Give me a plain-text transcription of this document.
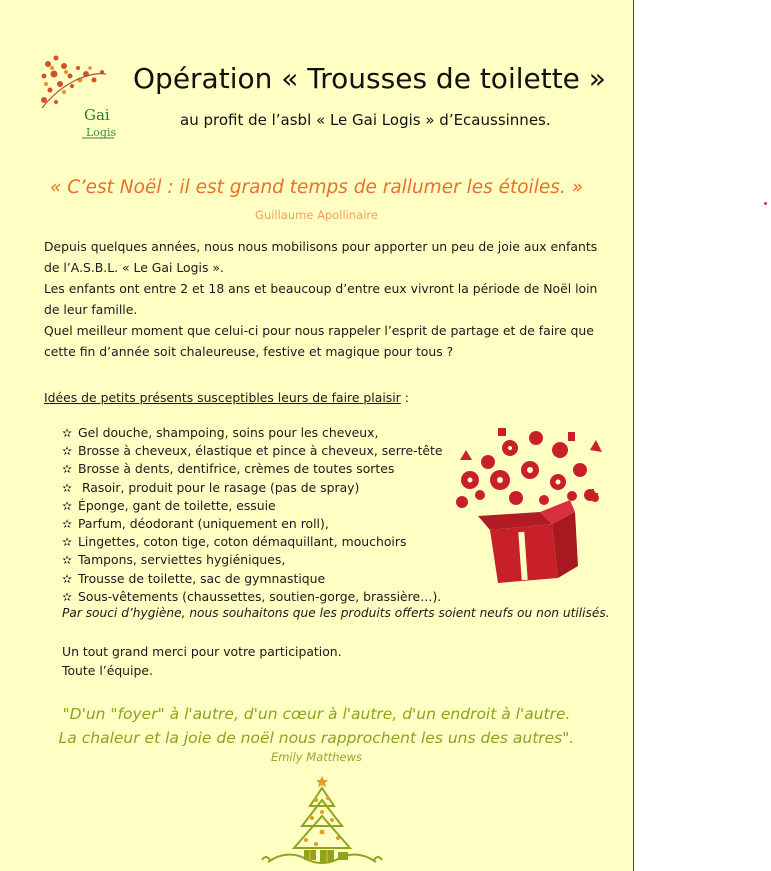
Gai
Logis
Opération « Trousses de toilette »
au profit de l’asbl « Le Gai Logis » d’Ecaussinnes.
« C’est Noël : il est grand temps de rallumer les étoiles. »
Guillaume Apollinaire

Depuis quelques années, nous nous mobilisons pour apporter un peu de joie aux enfants de l’A.S.B.L. « Le Gai Logis ».

Les enfants ont entre 2 et 18 ans et beaucoup d’entre eux vivront la période de Noël loin de leur famille.

Quel meilleur moment que celui-ci pour nous rappeler l’esprit de partage et de faire que cette fin d’année soit chaleureuse, festive et magique pour tous ?

Idées de petits présents susceptibles leurs de faire plaisir :
✫ Gel douche, shampoing, soins pour les cheveux,
✫ Brosse à cheveux, élastique et pince à cheveux, serre-tête
✫ Brosse à dents, dentifrice, crèmes de toutes sortes
✫ Rasoir, produit pour le rasage (pas de spray)
✫ Éponge, gant de toilette, essuie
✫ Parfum, déodorant (uniquement en roll),
✫ Lingettes, coton tige, coton démaquillant, mouchoirs
✫ Tampons, serviettes hygiéniques,
✫ Trousse de toilette, sac de gymnastique
✫ Sous-vêtements (chaussettes, soutien-gorge, brassière…).
Par souci d’hygiène, nous souhaitons que les produits offerts soient neufs ou non utilisés.

Un tout grand merci pour votre participation.

Toute l’équipe.

"D'un "foyer" à l'autre, d'un cœur à l'autre, d'un endroit à l'autre.

La chaleur et la joie de noël nous rapprochent les uns des autres".

Emily Matthews
